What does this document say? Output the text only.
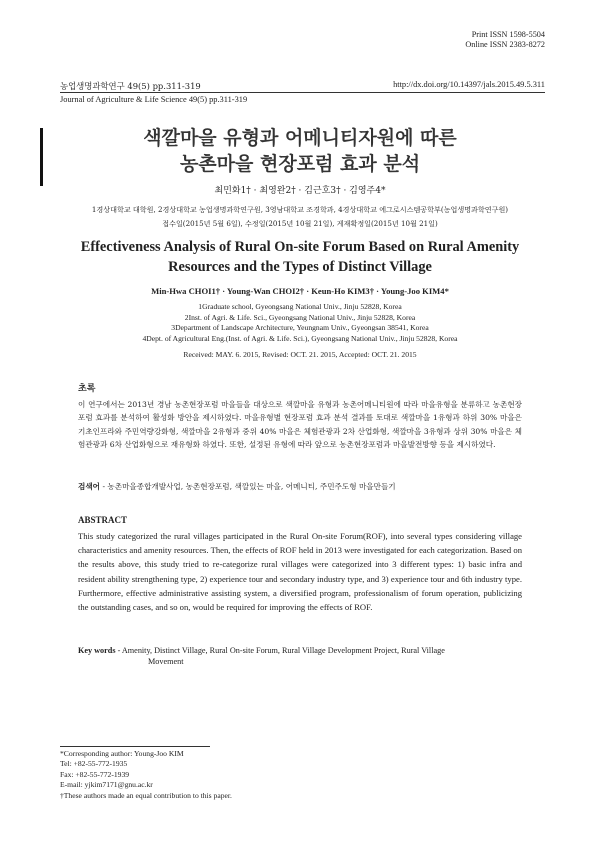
Print ISSN 1598-5504
Online ISSN 2383-8272
농업생명과학연구 49(5) pp.311-319	http://dx.doi.org/10.14397/jals.2015.49.5.311
Journal of Agriculture & Life Science 49(5) pp.311-319
색깔마을 유형과 어메니티자원에 따른
농촌마을 현장포럼 효과 분석
최민화1† · 최영완2† · 김근호3† · 김영주4*
1경상대학교 대학원, 2경상대학교 농업생명과학연구원, 3영남대학교 조경학과, 4경상대학교 에그로시스템공학부(농업생명과학연구원)
접수일(2015년 5월 6일), 수정일(2015년 10월 21일), 게재확정일(2015년 10월 21일)
Effectiveness Analysis of Rural On-site Forum Based on Rural Amenity
Resources and the Types of Distinct Village
Min-Hwa CHOI1† · Young-Wan CHOI2† · Keun-Ho KIM3† · Young-Joo KIM4*
1Graduate school, Gyeongsang National Univ., Jinju 52828, Korea
2Inst. of Agri. & Life. Sci., Gyeongsang National Univ., Jinju 52828, Korea
3Department of Landscape Architecture, Yeungnam Univ., Gyeongsan 38541, Korea
4Dept. of Agricultural Eng.(Inst. of Agri. & Life. Sci.), Gyeongsang National Univ., Jinju 52828, Korea
Received: MAY. 6. 2015, Revised: OCT. 21. 2015, Accepted: OCT. 21. 2015
초록
이 연구에서는 2013년 경남 농촌현장포럼 마을들을 대상으로 색깔마을 유형과 농촌어메니티원에 따라 마을유형을 분류하고 농촌현장포럼 효과를 분석하여 활성화 방안을 제시하였다. 마을유형별 현장포럼 효과 분석 결과를 토대로 색깔마을 1유형과 하위 30% 마을은 기초인프라와 주민역량강화형, 색깔마을 2유형과 중위 40% 마을은 체험관광과 2차 산업화형, 색깔마을 3유형과 상위 30% 마을은 체험관광과 6차 산업화형으로 재유형화 하였다. 또한, 설정된 유형에 따라 앞으로 농촌현장포럼과 마을발전방향 등을 제시하였다.
검색어 - 농촌마을종합개발사업, 농촌현장포럼, 색깔있는 마을, 어메니티, 주민주도형 마을만들기
ABSTRACT
This study categorized the rural villages participated in the Rural On-site Forum(ROF), into several types considering village characteristics and amenity resources. Then, the effects of ROF held in 2013 were investigated for each categorization. Based on the results above, this study tried to re-categorize rural villages were categorized into 3 different types: 1) basic infra and resident ability strengthening type, 2) experience tour and secondary industry type, and 3) experience tour and 6th industry type. Furthermore, effective administrative assisting system, a diversified program, professionalism of forum operation, publicizing the outstanding cases, and so on, would be required for improving the effects of ROF.
Key words - Amenity, Distinct Village, Rural On-site Forum, Rural Village Development Project, Rural Village
Movement
*Corresponding author: Young-Joo KIM
Tel: +82-55-772-1935
Fax: +82-55-772-1939
E-mail: yjkim7171@gnu.ac.kr
†These authors made an equal contribution to this paper.
